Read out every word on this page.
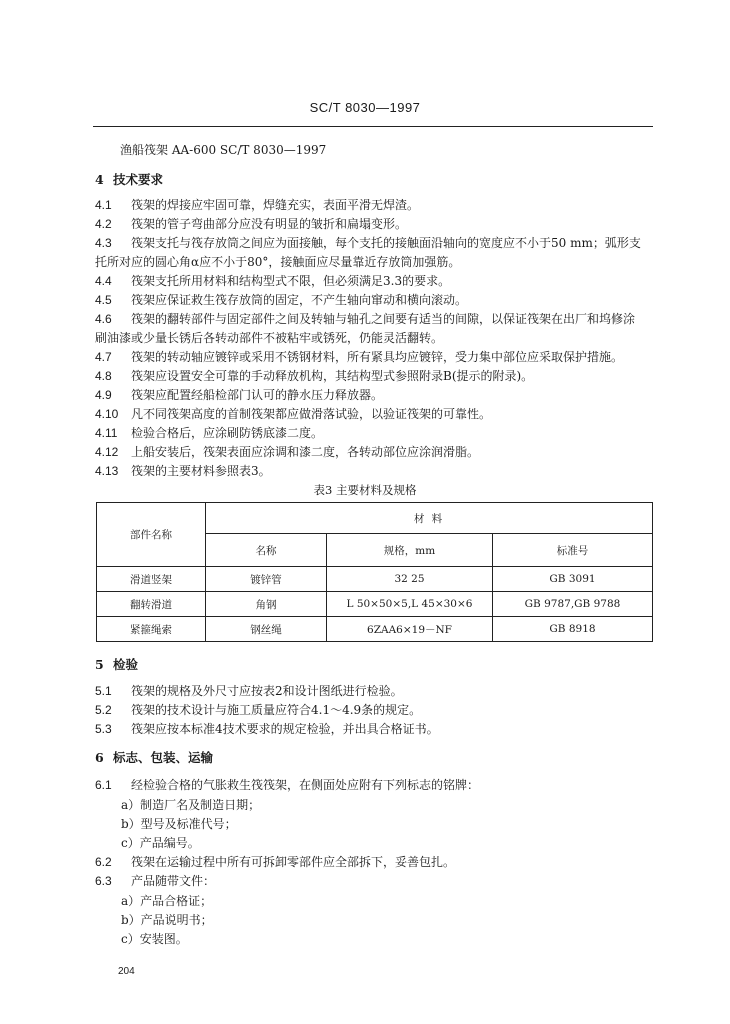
SC/T 8030—1997
渔船筏架 AA-600 SC/T 8030—1997
4 技术要求
4.1 筏架的焊接应牢固可靠，焊缝充实，表面平滑无焊渣。
4.2 筏架的管子弯曲部分应没有明显的皱折和扁塌变形。
4.3 筏架支托与筏存放筒之间应为面接触，每个支托的接触面沿轴向的宽度应不小于50 mm；弧形支
托所对应的圆心角α应不小于80°，接触面应尽量靠近存放筒加强筋。
4.4 筏架支托所用材料和结构型式不限，但必须满足3.3的要求。
4.5 筏架应保证救生筏存放筒的固定，不产生轴向窜动和横向滚动。
4.6 筏架的翻转部件与固定部件之间及转轴与轴孔之间要有适当的间隙，以保证筏架在出厂和坞修涂
刷油漆或少量长锈后各转动部件不被粘牢或锈死，仍能灵活翻转。
4.7 筏架的转动轴应镀锌或采用不锈钢材料，所有紧具均应镀锌，受力集中部位应采取保护措施。
4.8 筏架应设置安全可靠的手动释放机构，其结构型式参照附录B(提示的附录)。
4.9 筏架应配置经船检部门认可的静水压力释放器。
4.10 凡不同筏架高度的首制筏架都应做滑落试验，以验证筏架的可靠性。
4.11 检验合格后，应涂刷防锈底漆二度。
4.12 上船安装后，筏架表面应涂调和漆二度，各转动部位应涂润滑脂。
4.13 筏架的主要材料参照表3。
表3 主要材料及规格
部件名称	材 料		
	名称	规格，mm	标准号
滑道竖架	镀锌管	32 25	GB 3091
翻转滑道	角钢	L 50×50×5,L 45×30×6	GB 9787,GB 9788
紧箍绳索	钢丝绳	6ZAA6×19－NF	GB 8918
5 检验
5.1 筏架的规格及外尺寸应按表2和设计图纸进行检验。
5.2 筏架的技术设计与施工质量应符合4.1～4.9条的规定。
5.3 筏架应按本标准4技术要求的规定检验，并出具合格证书。
6 标志、包装、运输
6.1 经检验合格的气胀救生筏筏架，在侧面处应附有下列标志的铭牌：
a）制造厂名及制造日期；
b）型号及标准代号；
c）产品编号。
6.2 筏架在运输过程中所有可拆卸零部件应全部拆下，妥善包扎。
6.3 产品随带文件：
a）产品合格证；
b）产品说明书；
c）安装图。
204
